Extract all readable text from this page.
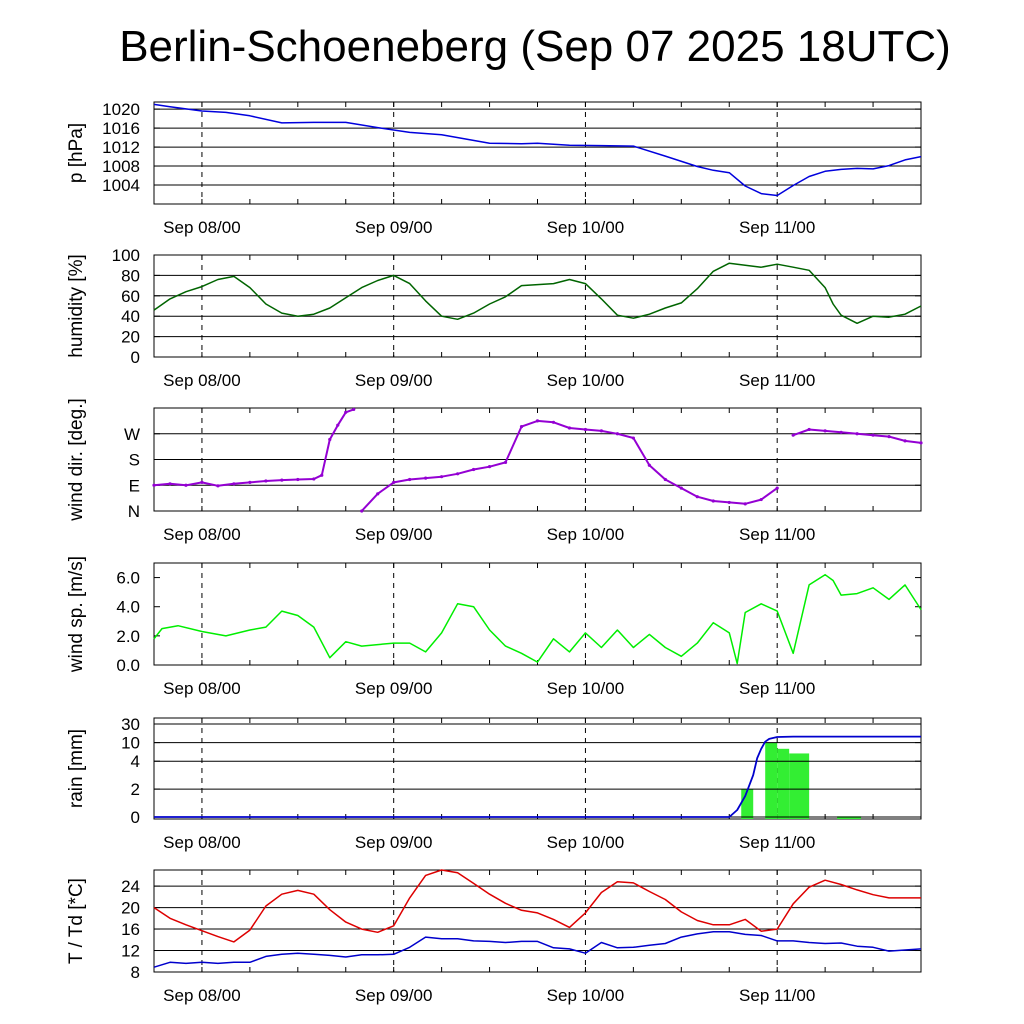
Berlin-Schoeneberg (Sep 07 2025 18UTC)
Sep 08/00	Sep 09/00	Sep 10/00	Sep 11/00
p [hPa]
1004
1008
1012
1016
1020
Sep 08/00	Sep 09/00	Sep 10/00	Sep 11/00
humidity [%]	0
20
40
60
80
100
Sep 08/00	Sep 09/00	Sep 10/00	Sep 11/00
wind dir. [deg.] N
E
S
W
Sep 08/00	Sep 09/00	Sep 10/00	Sep 11/00
wind sp. [m/s] 0.0
2.0
4.0
6.0
Sep 08/00	Sep 09/00	Sep 10/00	Sep 11/00
rain [mm]
0
2
4
10
30
Sep 08/00	Sep 09/00	Sep 10/00	Sep 11/00
T / Td [*C]
8
12
16
20
24
